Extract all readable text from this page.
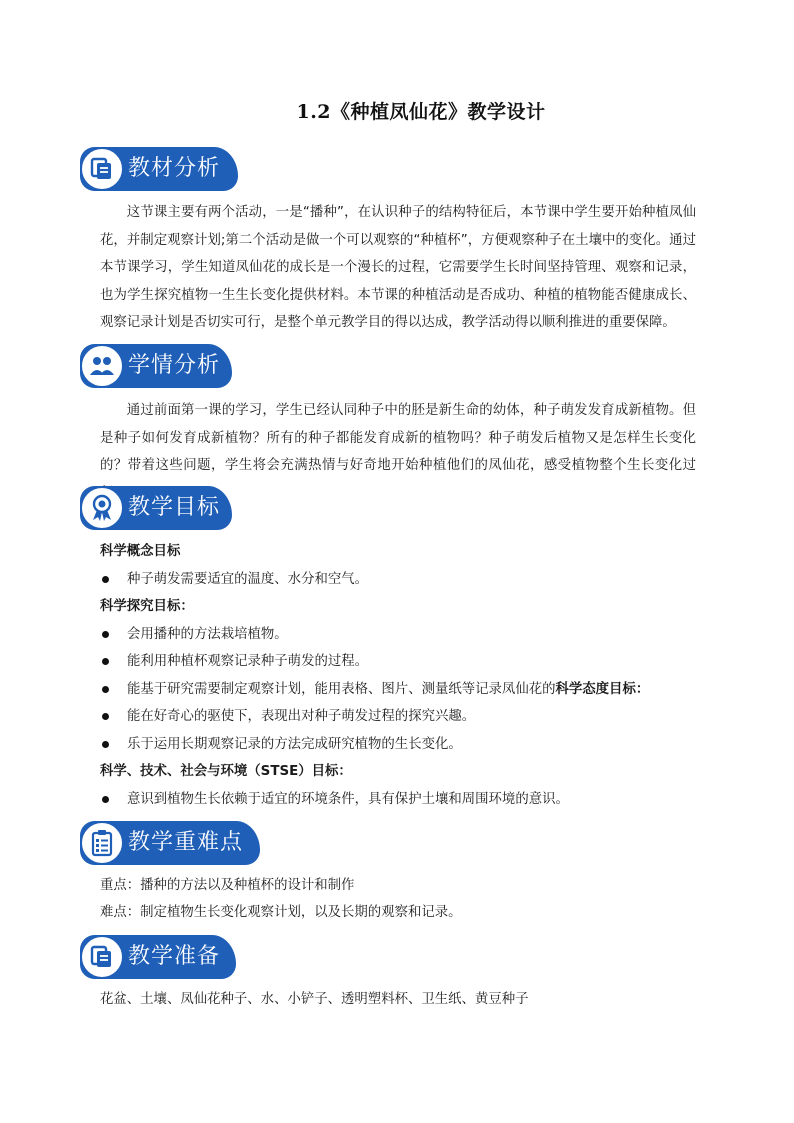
1.2《种植凤仙花》教学设计
教材分析

这节课主要有两个活动，一是“播种”，在认识种子的结构特征后，本节课中学生要开始种植凤仙花，并制定观察计划;第二个活动是做一个可以观察的“种植杯”，方便观察种子在土壤中的变化。通过本节课学习，学生知道凤仙花的成长是一个漫长的过程，它需要学生长时间坚持管理、观察和记录，也为学生探究植物一生生长变化提供材料。本节课的种植活动是否成功、种植的植物能否健康成长、观察记录计划是否切实可行，是整个单元教学目的得以达成，教学活动得以顺利推进的重要保障。

学情分析

通过前面第一课的学习，学生已经认同种子中的胚是新生命的幼体，种子萌发发育成新植物。但是种子如何发育成新植物？所有的种子都能发育成新的植物吗？种子萌发后植物又是怎样生长变化的？带着这些问题，学生将会充满热情与好奇地开始种植他们的凤仙花，感受植物整个生长变化过

教学目标
科学概念目标
种子萌发需要适宜的温度、水分和空气。
科学探究目标：
会用播种的方法栽培植物。
能利用种植杯观察记录种子萌发的过程。
能基于研究需要制定观察计划，能用表格、图片、测量纸等记录凤仙花的科学态度目标：
能在好奇心的驱使下，表现出对种子萌发过程的探究兴趣。
乐于运用长期观察记录的方法完成研究植物的生长变化。
科学、技术、社会与环境（STSE）目标：
意识到植物生长依赖于适宜的环境条件，具有保护土壤和周围环境的意识。
教学重难点
重点：播种的方法以及种植杯的设计和制作
难点：制定植物生长变化观察计划，以及长期的观察和记录。
教学准备
花盆、土壤、凤仙花种子、水、小铲子、透明塑料杯、卫生纸、黄豆种子
